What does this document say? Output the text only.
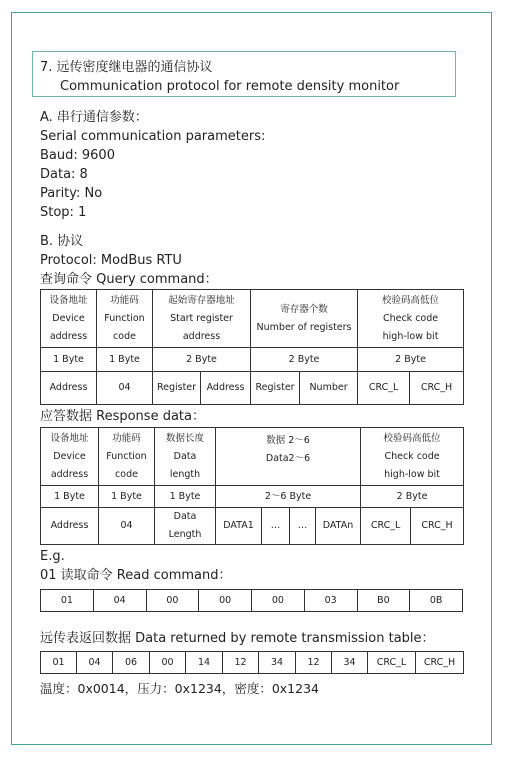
7. 远传密度继电器的通信协议
Communication protocol for remote density monitor
A. 串行通信参数：
Serial communication parameters:
Baud: 9600
Data: 8
Parity: No
Stop: 1
B. 协议
Protocol: ModBus RTU
查询命令 Query command：
设备地址
Device
address	功能码
Function
code	起始寄存器地址
Start register
address		寄存器个数
Number of registers		校验码高低位
Check code
high-low bit	
1 Byte	1 Byte	2 Byte		2 Byte		2 Byte	
Address	04	Register	Address	Register	Number	CRC_L	CRC_H
应答数据 Response data：
设备地址
Device
address	功能码
Function
code	数据长度
Data
length	数据 2～6
Data2～6				校验码高低位
Check code
high-low bit	
1 Byte	1 Byte	1 Byte	2～6 Byte				2 Byte	
Address	04	Data
Length	DATA1	…	…	DATAn	CRC_L	CRC_H
E.g.
01 读取命令 Read command：
01	04	00	00	00	03	B0	0B
远传表返回数据 Data returned by remote transmission table：
01	04	06	00	14	12	34	12	34	CRC_L	CRC_H
温度：0x0014，压力：0x1234，密度：0x1234
